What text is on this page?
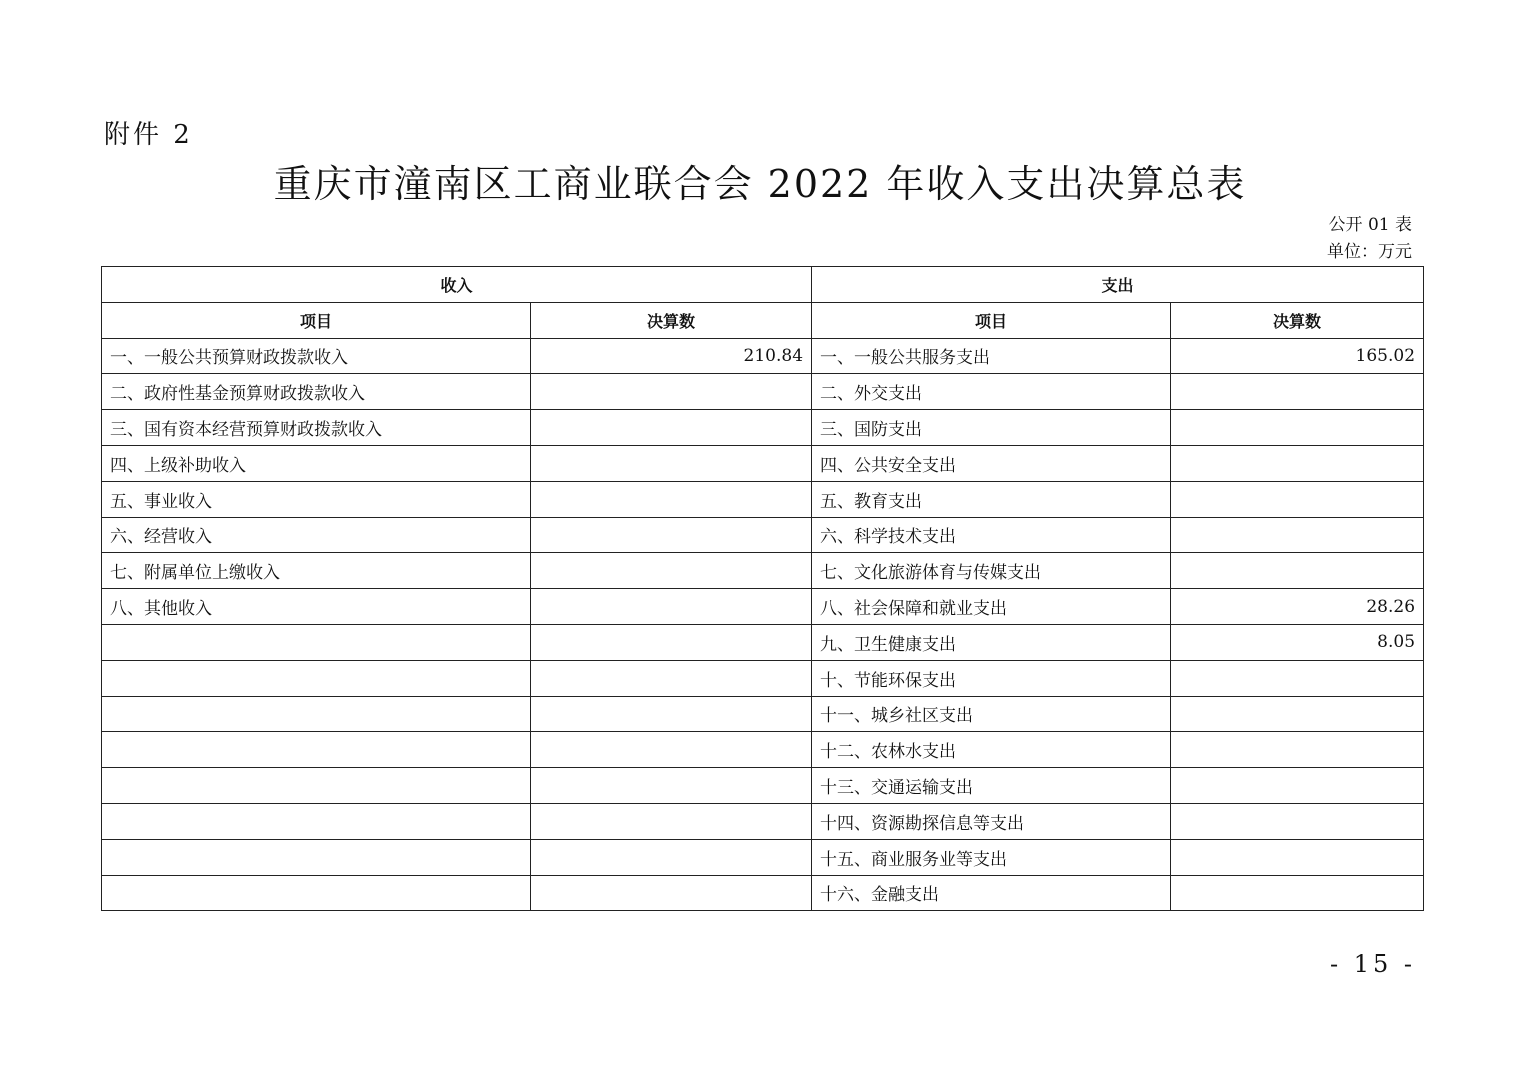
附件 2
重庆市潼南区工商业联合会 2022 年收入支出决算总表
公开 01 表
单位：万元
收入		支出	
项目	决算数	项目	决算数
一、一般公共预算财政拨款收入	210.84	一、一般公共服务支出	165.02
二、政府性基金预算财政拨款收入		二、外交支出	
三、国有资本经营预算财政拨款收入		三、国防支出	
四、上级补助收入		四、公共安全支出	
五、事业收入		五、教育支出	
六、经营收入		六、科学技术支出	
七、附属单位上缴收入		七、文化旅游体育与传媒支出	
八、其他收入		八、社会保障和就业支出	28.26
		九、卫生健康支出	8.05
		十、节能环保支出	
		十一、城乡社区支出	
		十二、农林水支出	
		十三、交通运输支出	
		十四、资源勘探信息等支出	
		十五、商业服务业等支出	
		十六、金融支出	
- 15 -
